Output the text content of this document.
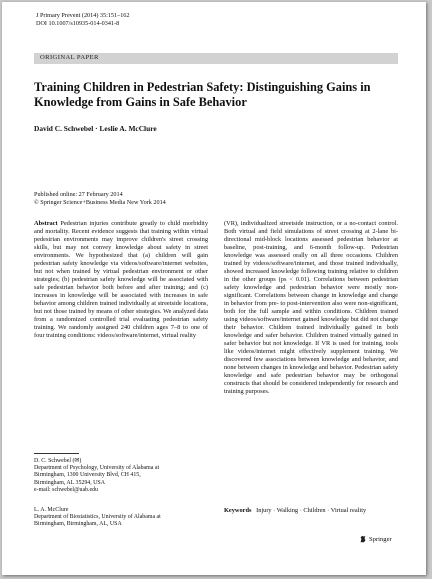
J Primary Prevent (2014) 35:151–162
DOI 10.1007/s10935-014-0341-8
ORIGINAL PAPER
Training Children in Pedestrian Safety: Distinguishing Gains in Knowledge from Gains in Safe Behavior
David C. Schwebel · Leslie A. McClure
Published online: 27 February 2014
© Springer Science+Business Media New York 2014
Abstract Pedestrian injuries contribute greatly to child morbidity and mortality. Recent evidence suggests that training within virtual pedestrian environments may improve children's street crossing skills, but may not convey knowledge about safety in street environments. We hypothesized that (a) children will gain pedestrian safety knowledge via videos/software/internet websites, but not when trained by virtual pedestrian environment or other strategies; (b) pedestrian safety knowledge will be associated with safe pedestrian behavior both before and after training; and (c) increases in knowledge will be associated with increases in safe behavior among children trained individually at streetside locations, but not those trained by means of other strategies. We analyzed data from a randomized controlled trial evaluating pedestrian safety training. We randomly assigned 240 children ages 7–8 to one of four training conditions: videos/software/internet, virtual reality
(VR), individualized streetside instruction, or a no-contact control. Both virtual and field simulations of street crossing at 2-lane bi-directional mid-block locations assessed pedestrian behavior at baseline, post-training, and 6-month follow-up. Pedestrian knowledge was assessed orally on all three occasions. Children trained by videos/software/internet, and those trained individually, showed increased knowledge following training relative to children in the other groups (ps < 0.01). Correlations between pedestrian safety knowledge and pedestrian behavior were mostly non-significant. Correlations between change in knowledge and change in behavior from pre- to post-intervention also were non-significant, both for the full sample and within conditions. Children trained using videos/software/internet gained knowledge but did not change their behavior. Children trained individually gained in both knowledge and safer behavior. Children trained virtually gained in safer behavior but not knowledge. If VR is used for training, tools like videos/internet might effectively supplement training. We discovered few associations between knowledge and behavior, and none between changes in knowledge and behavior. Pedestrian safety knowledge and safe pedestrian behavior may be orthogonal constructs that should be considered independently for research and training purposes.
D. C. Schwebel (✉)
Department of Psychology, University of Alabama at
Birmingham, 1300 University Blvd, CH 415,
Birmingham, AL 35294, USA
e-mail: schwebel@uab.edu
L. A. McClure
Department of Biostatistics, University of Alabama at
Birmingham, Birmingham, AL, USA
Keywords Injury · Walking · Children · Virtual reality
Springer
